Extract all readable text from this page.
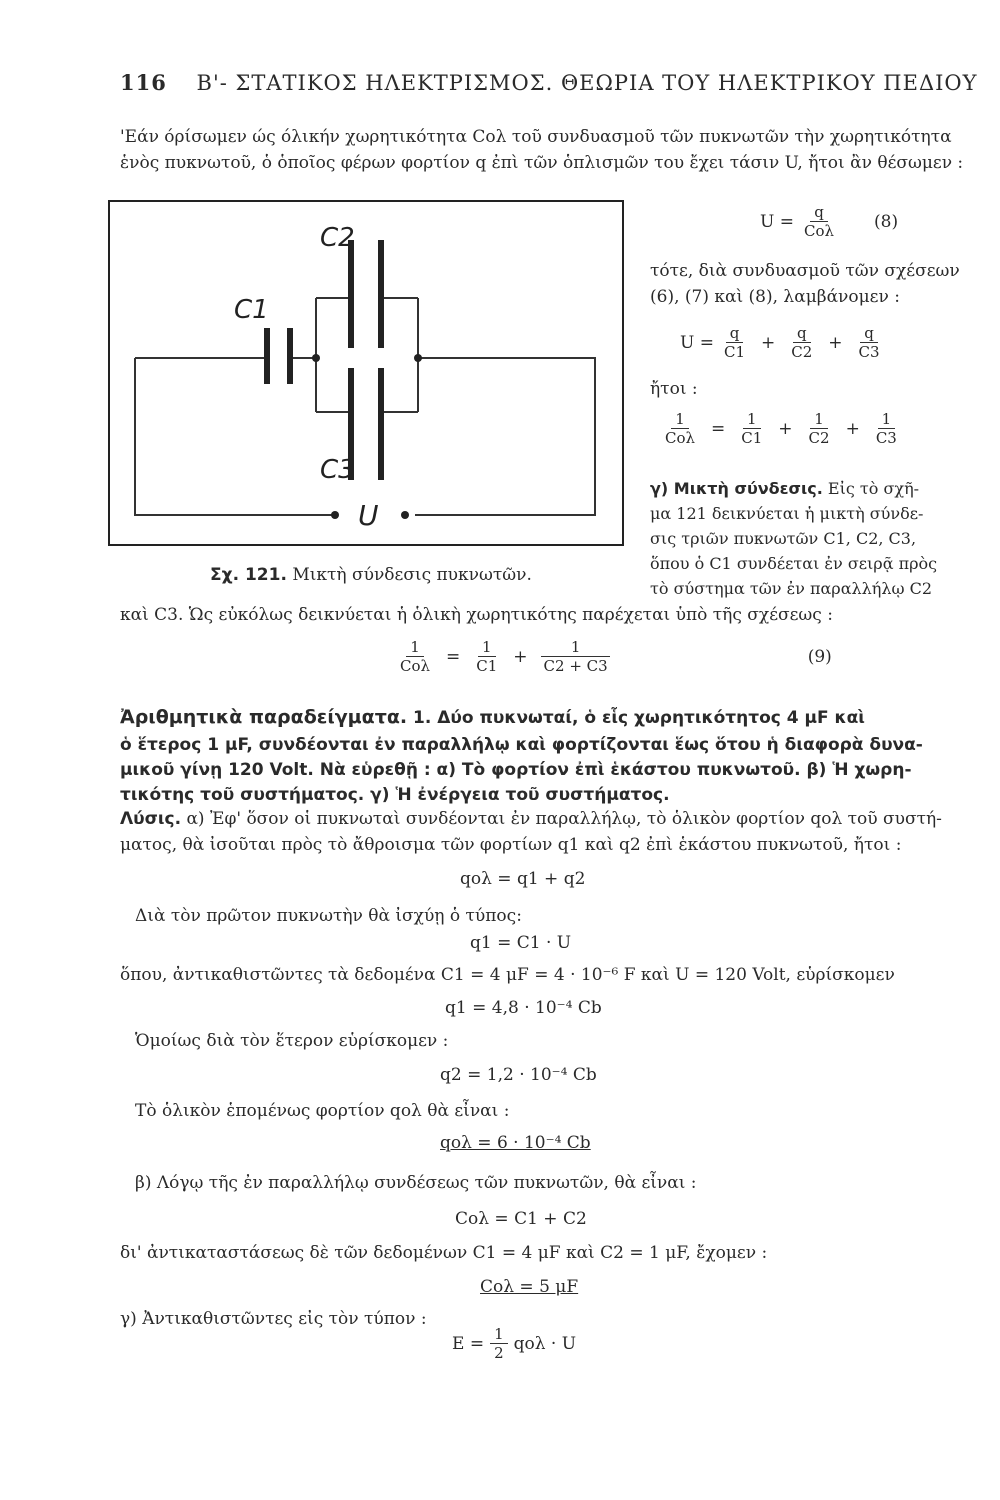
116 Β'- ΣΤΑΤΙΚΟΣ ΗΛΕΚΤΡΙΣΜΟΣ. ΘΕΩΡΙΑ ΤΟΥ ΗΛΕΚΤΡΙΚΟΥ ΠΕΔΙΟΥ
'Εάν όρίσωμεν ώς όλικήν χωρητικότητα Cολ τοῦ συνδυασμοῦ τῶν πυκνωτῶν τὴν χωρητικότητα
ἑνὸς πυκνωτοῦ, ὁ ὁποῖος φέρων φορτίον q ἐπὶ τῶν ὁπλισμῶν του ἔχει τάσιν U, ἤτοι ἂν θέσωμεν :
C2
C1
C3
U
Σχ. 121. Μικτὴ σύνδεσις πυκνωτῶν.
$U = \frac{q}{\text{Cολ}} (8)$
τότε, διὰ συνδυασμοῦ τῶν σχέσεων
(6), (7) καὶ (8), λαμβάνομεν :
$U = \frac{q}{C1} + \frac{q}{C2} + \frac{q}{C3}$
ἤτοι :
$\frac{1}{\text{Cολ}} = \frac{1}{C1} + \frac{1}{C2} + \frac{1}{C3}$
γ) Μικτὴ σύνδεσις. Εἰς τὸ σχῆ-
μα 121 δεικνύεται ἡ μικτὴ σύνδε-
σις τριῶν πυκνωτῶν C1, C2, C3,
ὅπου ὁ C1 συνδέεται ἐν σειρᾷ πρὸς
τὸ σύστημα τῶν ἐν παραλλήλῳ C2
καὶ C3. Ὡς εὐκόλως δεικνύεται ἡ ὁλικὴ χωρητικότης παρέχεται ὑπὸ τῆς σχέσεως :
$\frac{1}{\text{Cολ}} = \frac{1}{C1} + \frac{1}{C2 + C3}$	(9)
Ἀριθμητικὰ παραδείγματα. 1. Δύο πυκνωταί, ὁ εἷς χωρητικότητος 4 μF καὶ
ὁ ἕτερος 1 μF, συνδέονται ἐν παραλλήλῳ καὶ φορτίζονται ἕως ὅτου ἡ διαφορὰ δυνα-
μικοῦ γίνῃ 120 Volt. Νὰ εὑρεθῇ : α) Τὸ φορτίον ἐπὶ ἑκάστου πυκνωτοῦ. β) Ἡ χωρη-
τικότης τοῦ συστήματος. γ) Ἡ ἐνέργεια τοῦ συστήματος.
Λύσις. α) Ἐφ' ὅσον οἱ πυκνωταὶ συνδέονται ἐν παραλλήλῳ, τὸ ὁλικὸν φορτίον qολ τοῦ συστή-
ματος, θὰ ἰσοῦται πρὸς τὸ ἄθροισμα τῶν φορτίων q1 καὶ q2 ἐπὶ ἑκάστου πυκνωτοῦ, ἤτοι :
qολ = q1 + q2
Διὰ τὸν πρῶτον πυκνωτὴν θὰ ἰσχύῃ ὁ τύπος:
q1 = C1 · U
ὅπου, ἀντικαθιστῶντες τὰ δεδομένα C1 = 4 μF = 4 · 10⁻⁶ F καὶ U = 120 Volt, εὑρίσκομεν
q1 = 4,8 · 10⁻⁴ Cb
Ὁμοίως διὰ τὸν ἕτερον εὑρίσκομεν :
q2 = 1,2 · 10⁻⁴ Cb
Τὸ ὁλικὸν ἑπομένως φορτίον qολ θὰ εἶναι :
qολ = 6 · 10⁻⁴ Cb
β) Λόγῳ τῆς ἐν παραλλήλῳ συνδέσεως τῶν πυκνωτῶν, θὰ εἶναι :
Cολ = C1 + C2
δι' ἀντικαταστάσεως δὲ τῶν δεδομένων C1 = 4 μF καὶ C2 = 1 μF, ἔχομεν :
Cολ = 5 μF
γ) Ἀντικαθιστῶντες εἰς τὸν τύπον :
$E = \frac{1}{2}$ qολ · U
